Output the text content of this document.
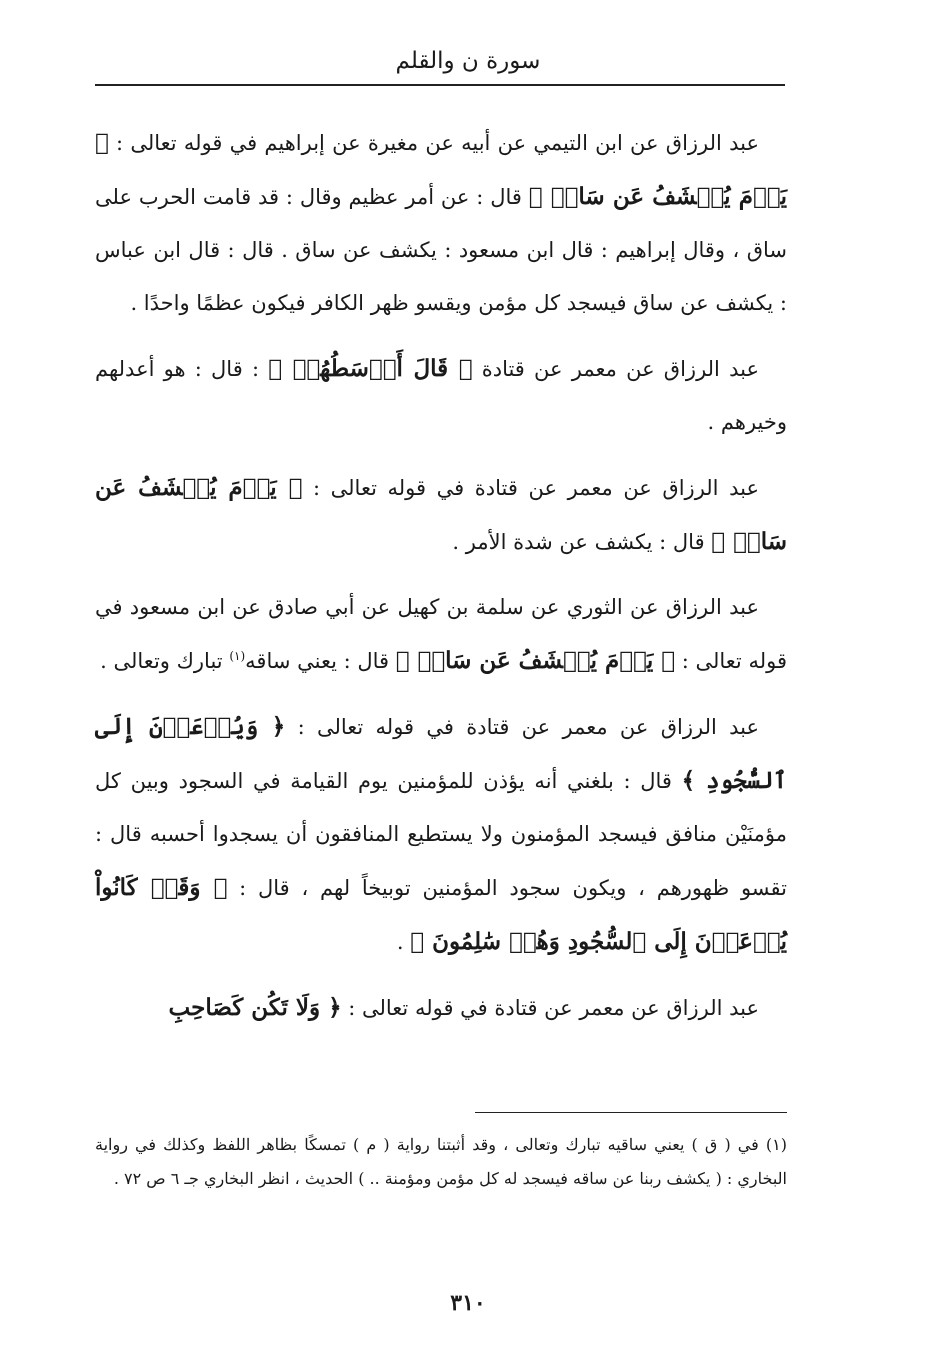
سورة ن والقلم

عبد الرزاق عن ابن التيمي عن أبيه عن مغيرة عن إبراهيم في قوله تعالى : ﴿ يَوۡمَ يُكۡشَفُ عَن سَاقٖ ﴾ قال : عن أمر عظيم وقال : قد قامت الحرب على ساق ، وقال إبراهيم : قال ابن مسعود : يكشف عن ساق . قال : قال ابن عباس : يكشف عن ساق فيسجد كل مؤمن ويقسو ظهر الكافر فيكون عظمًا واحدًا .

عبد الرزاق عن معمر عن قتادة ﴿ قَالَ أَوۡسَطُهُمۡ ﴾ : قال : هو أعدلهم وخيرهم .

عبد الرزاق عن معمر عن قتادة في قوله تعالى : ﴿ يَوۡمَ يُكۡشَفُ عَن سَاقٖ ﴾ قال : يكشف عن شدة الأمر .

عبد الرزاق عن الثوري عن سلمة بن كهيل عن أبي صادق عن ابن مسعود في قوله تعالى : ﴿ يَوۡمَ يُكۡشَفُ عَن سَاقٖ ﴾ قال : يعني ساقه$^{(١)}$ تبارك وتعالى .

عبد الرزاق عن معمر عن قتادة في قوله تعالى : ﴿ وَيُدۡعَوۡنَ إِلَى ٱلسُّجُودِ ﴾ قال : بلغني أنه يؤذن للمؤمنين يوم القيامة في السجود وبين كل مؤمنَيْن منافق فيسجد المؤمنون ولا يستطيع المنافقون أن يسجدوا أحسبه قال : تقسو ظهورهم ، ويكون سجود المؤمنين توبيخاً لهم ، قال : ﴿ وَقَدۡ كَانُواْ يُدۡعَوۡنَ إِلَى ٱلسُّجُودِ وَهُمۡ سَٰلِمُونَ ﴾ .

عبد الرزاق عن معمر عن قتادة في قوله تعالى : ﴿ وَلَا تَكُن كَصَاحِبِ

(١) في ( ق ) يعني ساقيه تبارك وتعالى ، وقد أثبتنا رواية ( م ) تمسكًا بظاهر اللفظ وكذلك في رواية البخاري : ( يكشف ربنا عن ساقه فيسجد له كل مؤمن ومؤمنة .. ) الحديث ، انظر البخاري جـ ٦ ص ٧٢ .

٣١٠
